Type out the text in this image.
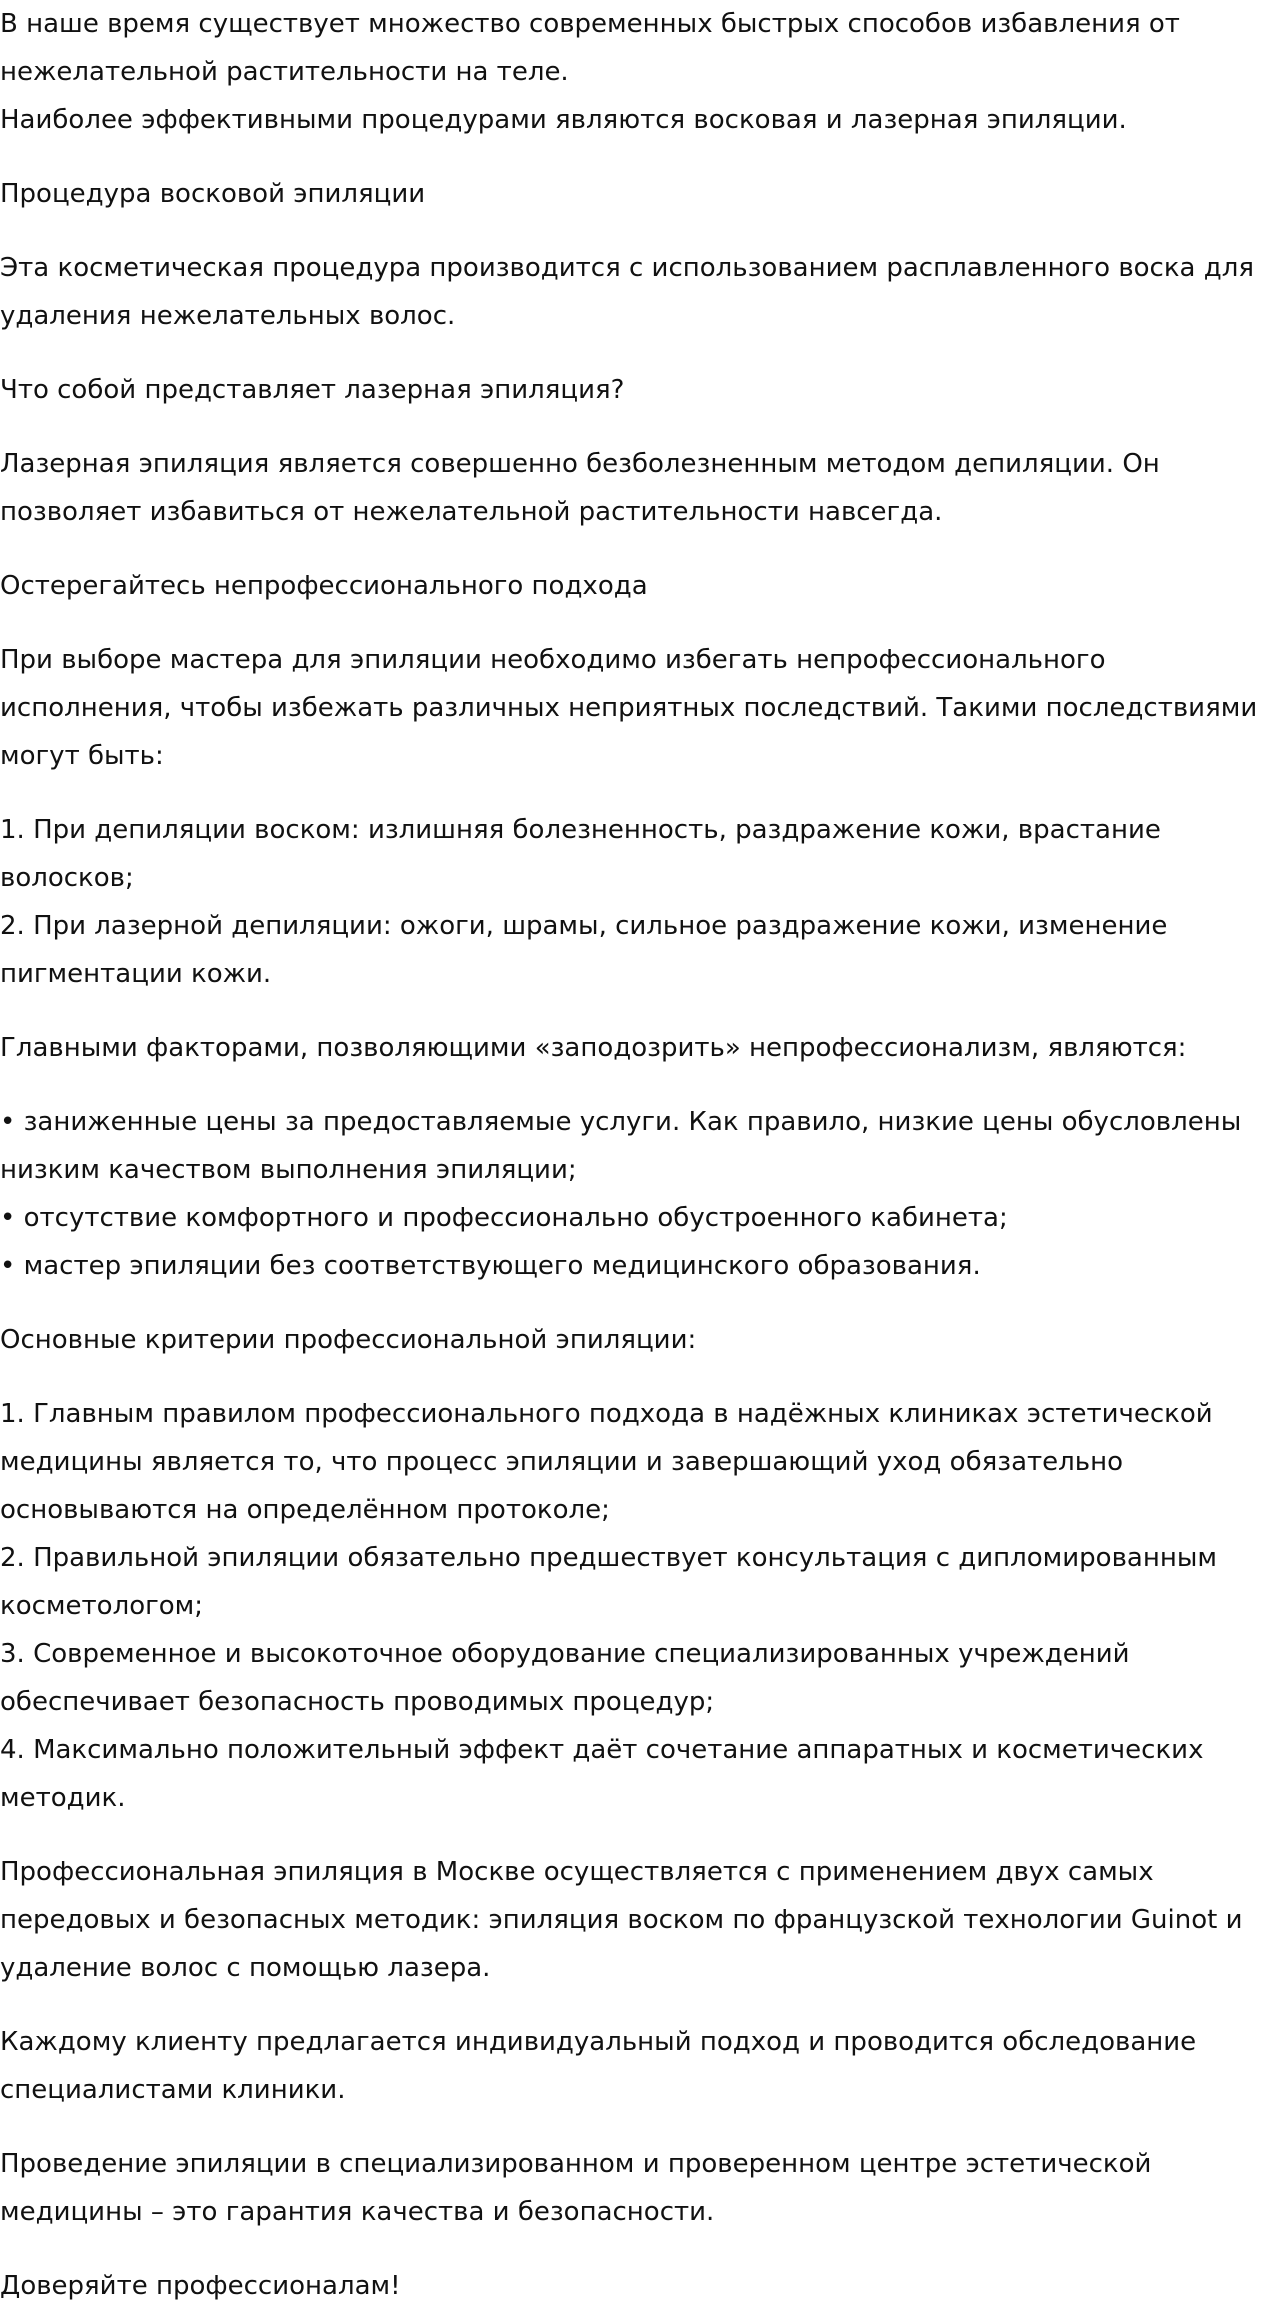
В наше время существует множество современных быстрых способов избавления от
нежелательной растительности на теле.
Наиболее эффективными процедурами являются восковая и лазерная эпиляции.

Процедура восковой эпиляции

Эта косметическая процедура производится с использованием расплавленного воска для
удаления нежелательных волос.

Что собой представляет лазерная эпиляция?

Лазерная эпиляция является совершенно безболезненным методом депиляции. Он
позволяет избавиться от нежелательной растительности навсегда.

Остерегайтесь непрофессионального подхода

При выборе мастера для эпиляции необходимо избегать непрофессионального
исполнения, чтобы избежать различных неприятных последствий. Такими последствиями
могут быть:

1. При депиляции воском: излишняя болезненность, раздражение кожи, врастание
волосков;
2. При лазерной депиляции: ожоги, шрамы, сильное раздражение кожи, изменение
пигментации кожи.

Главными факторами, позволяющими «заподозрить» непрофессионализм, являются:

• заниженные цены за предоставляемые услуги. Как правило, низкие цены обусловлены
низким качеством выполнения эпиляции;
• отсутствие комфортного и профессионально обустроенного кабинета;
• мастер эпиляции без соответствующего медицинского образования.

Основные критерии профессиональной эпиляции:

1. Главным правилом профессионального подхода в надёжных клиниках эстетической
медицины является то, что процесс эпиляции и завершающий уход обязательно
основываются на определённом протоколе;
2. Правильной эпиляции обязательно предшествует консультация с дипломированным
косметологом;
3. Современное и высокоточное оборудование специализированных учреждений
обеспечивает безопасность проводимых процедур;
4. Максимально положительный эффект даёт сочетание аппаратных и косметических
методик.

Профессиональная эпиляция в Москве осуществляется с применением двух самых
передовых и безопасных методик: эпиляция воском по французской технологии Guinot и
удаление волос с помощью лазера.

Каждому клиенту предлагается индивидуальный подход и проводится обследование
специалистами клиники.

Проведение эпиляции в специализированном и проверенном центре эстетической
медицины – это гарантия качества и безопасности.

Доверяйте профессионалам!
